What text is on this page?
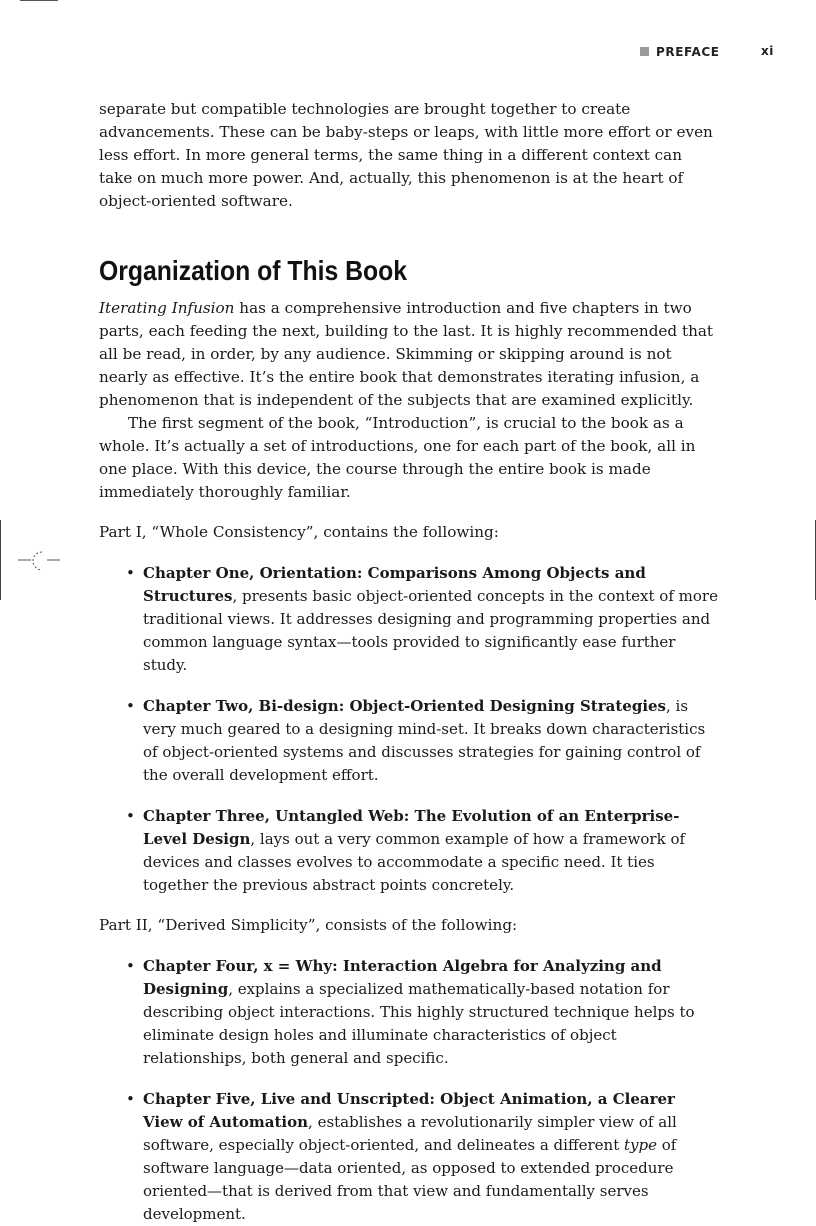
PREFACE	xi

separate but compatible technologies are brought together to create advancements. These can be baby-steps or leaps, with little more effort or even less effort. In more general terms, the same thing in a different context can take on much more power. And, actually, this phenomenon is at the heart of object-oriented software.

Organization of This Book

Iterating Infusion has a comprehensive introduction and five chapters in two parts, each feeding the next, building to the last. It is highly recommended that all be read, in order, by any audience. Skimming or skipping around is not nearly as effective. It’s the entire book that demonstrates iterating infusion, a phenomenon that is independent of the subjects that are examined explicitly.

The first segment of the book, “Introduction”, is crucial to the book as a whole. It’s actually a set of introductions, one for each part of the book, all in one place. With this device, the course through the entire book is made immediately thoroughly familiar.

Part I, “Whole Consistency”, contains the following:

• Chapter One, Orientation: Comparisons Among Objects and Structures, presents basic object-oriented concepts in the context of more traditional views. It addresses designing and programming properties and common language syntax—tools provided to significantly ease further study.
• Chapter Two, Bi-design: Object-Oriented Designing Strategies, is very much geared to a designing mind-set. It breaks down characteristics of object-oriented systems and discusses strategies for gaining control of the overall development effort.
• Chapter Three, Untangled Web: The Evolution of an Enterprise-Level Design, lays out a very common example of how a framework of devices and classes evolves to accommodate a specific need. It ties together the previous abstract points concretely.

Part II, “Derived Simplicity”, consists of the following:

• Chapter Four, x = Why: Interaction Algebra for Analyzing and Designing, explains a specialized mathematically-based notation for describing object interactions. This highly structured technique helps to eliminate design holes and illuminate characteristics of object relationships, both general and specific.
• Chapter Five, Live and Unscripted: Object Animation, a Clearer View of Automation, establishes a revolutionarily simpler view of all software, especially object-oriented, and delineates a different type of software language—data oriented, as opposed to extended procedure oriented—that is derived from that view and fundamentally serves development.
